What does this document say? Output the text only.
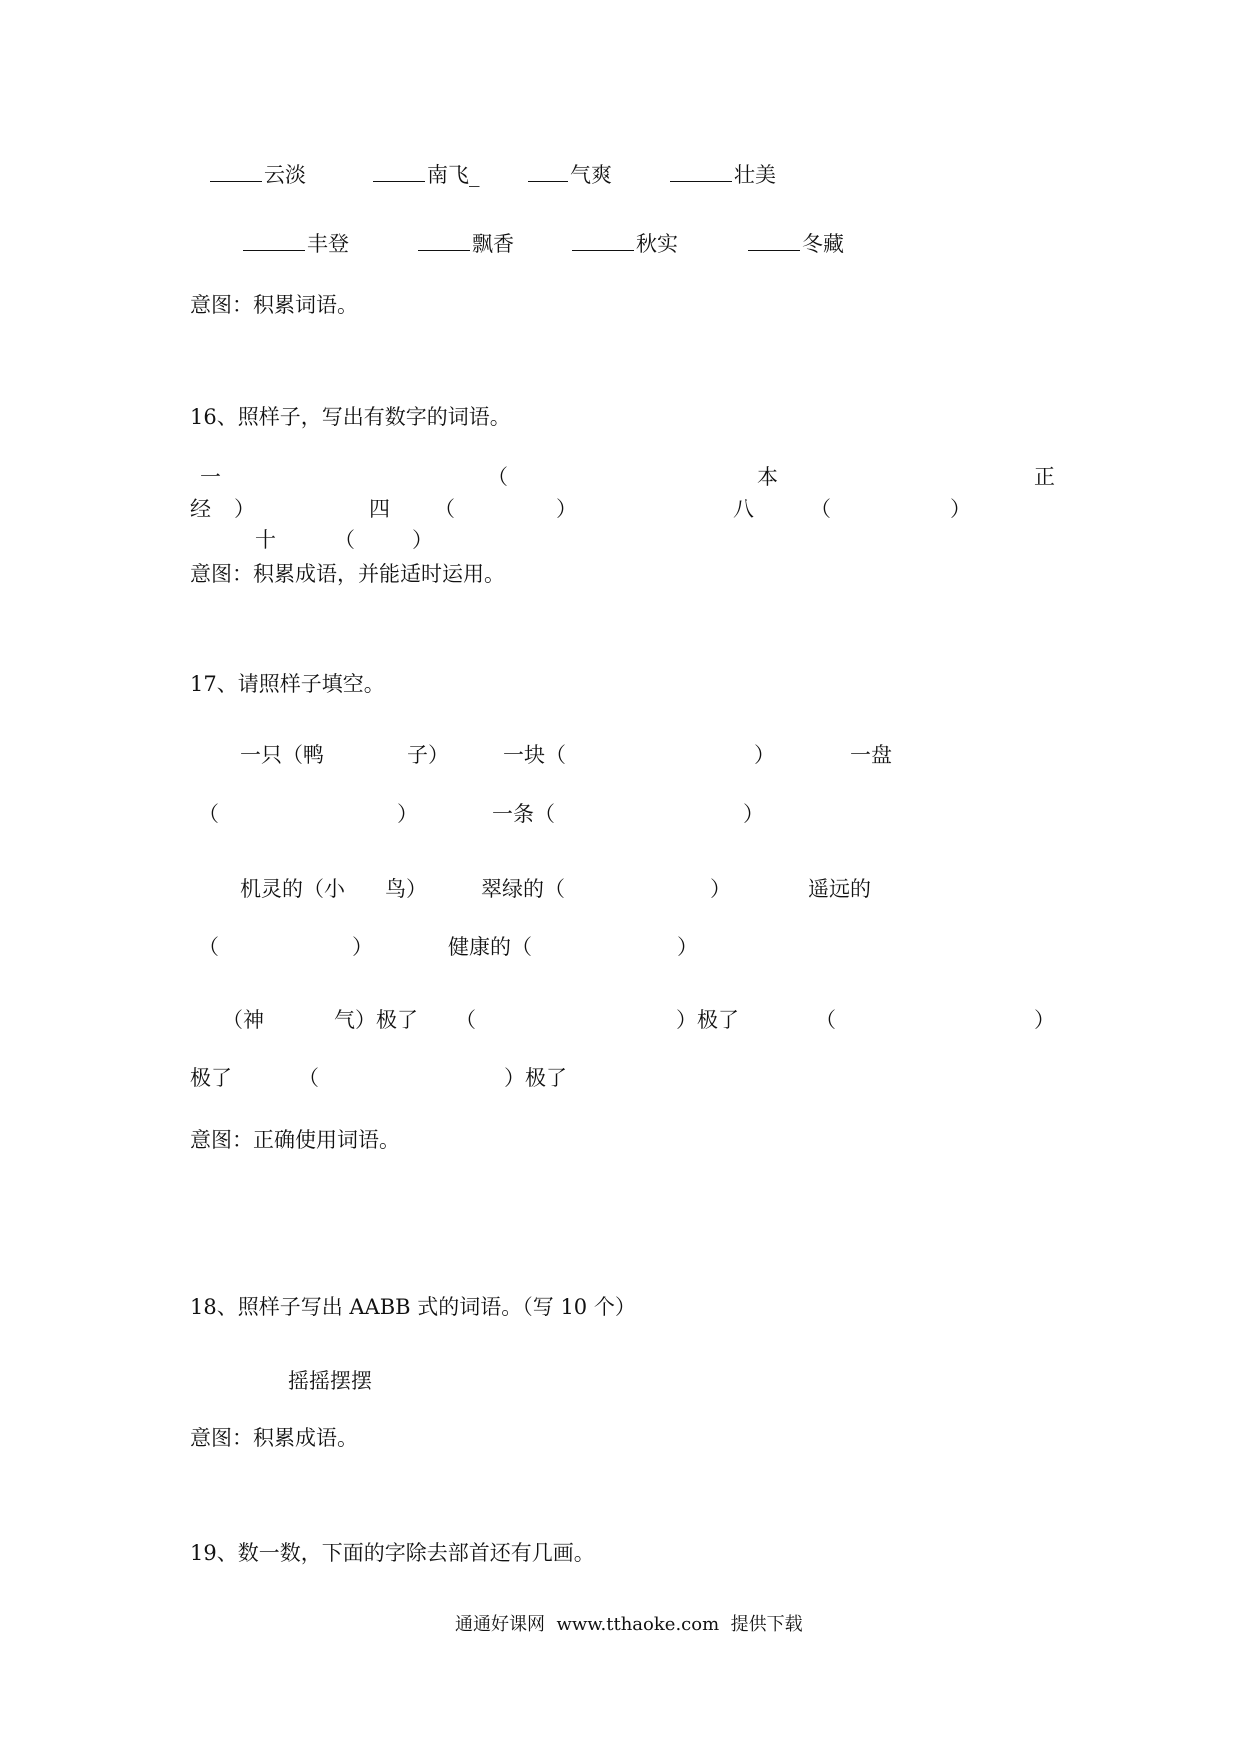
云淡	南飞_	气爽	壮美
丰登	飘香	秋实	冬藏
意图：积累词语。
16、照样子，写出有数字的词语。
一	（	本	正
经 ）	四 （	）	八	（	）
十	（	）
意图：积累成语，并能适时运用。
17、请照样子填空。
一只（鸭	子）	一块（	）	一盘
（	）	一条（	）
机灵的（小 鸟）	翠绿的（	）	遥远的
（	）	健康的（	）
（神	气）极了 （	）极了	（	）
极了	（	）极了
意图：正确使用词语。
18、照样子写出 AABB 式的词语。（写 10 个）
摇摇摆摆
意图：积累成语。
19、数一数，下面的字除去部首还有几画。
通通好课网  www.tthaoke.com  提供下载
